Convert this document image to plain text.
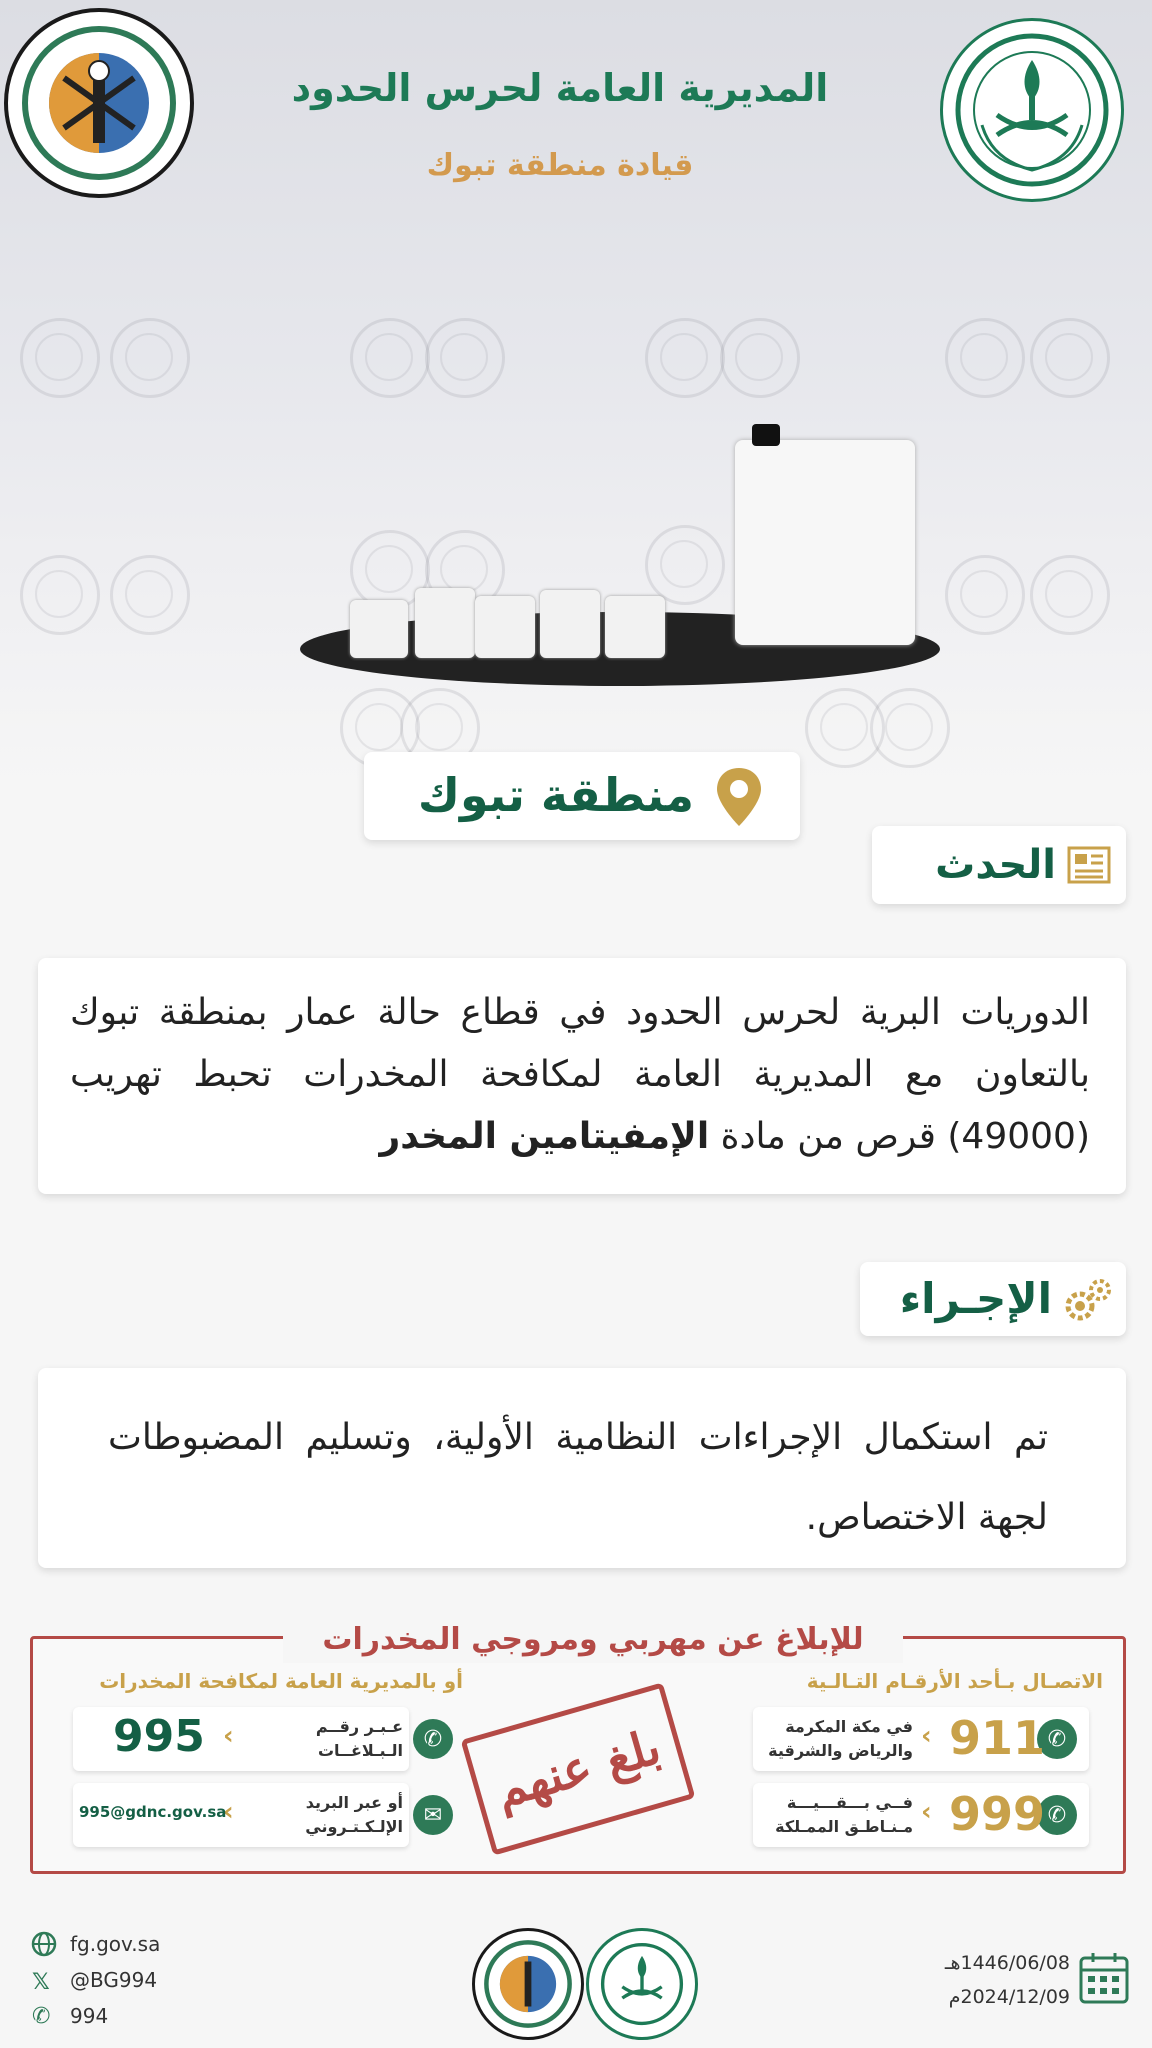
المديرية العامة لحرس الحدود
قيادة منطقة تبوك
منطقة تبوك
الحدث
الدوريات البرية لحرس الحدود في قطاع حالة عمار بمنطقة تبوك بالتعاون مع المديرية العامة لمكافحة المخدرات تحبط تهريب (49000) قرص من مادة الإمفيتامين المخدر
الإجـراء
تم استكمال الإجراءات النظامية الأولية، وتسليم المضبوطات لجهة الاختصاص.
للإبلاغ عن مهربي ومروجي المخدرات
الاتصـال بـأحد الأرقـام التـالـية
أو بالمديرية العامة لمكافحة المخدرات
✆
911
‹
في مكة المكرمة
والرياض والشرقية
✆
999
‹
فــي بـــقـــيـــة
مـنـاطـق الممـلكة
بلغ عنهم
✆
عـبـر رقــم
الـبـلاغــات
‹
995
✉
أو عبر البريد
الإلـكـتـروني
‹
995@gdnc.gov.sa
fg.gov.sa
𝕏 @BG994
✆ 994
1446/06/08هـ
2024/12/09م
